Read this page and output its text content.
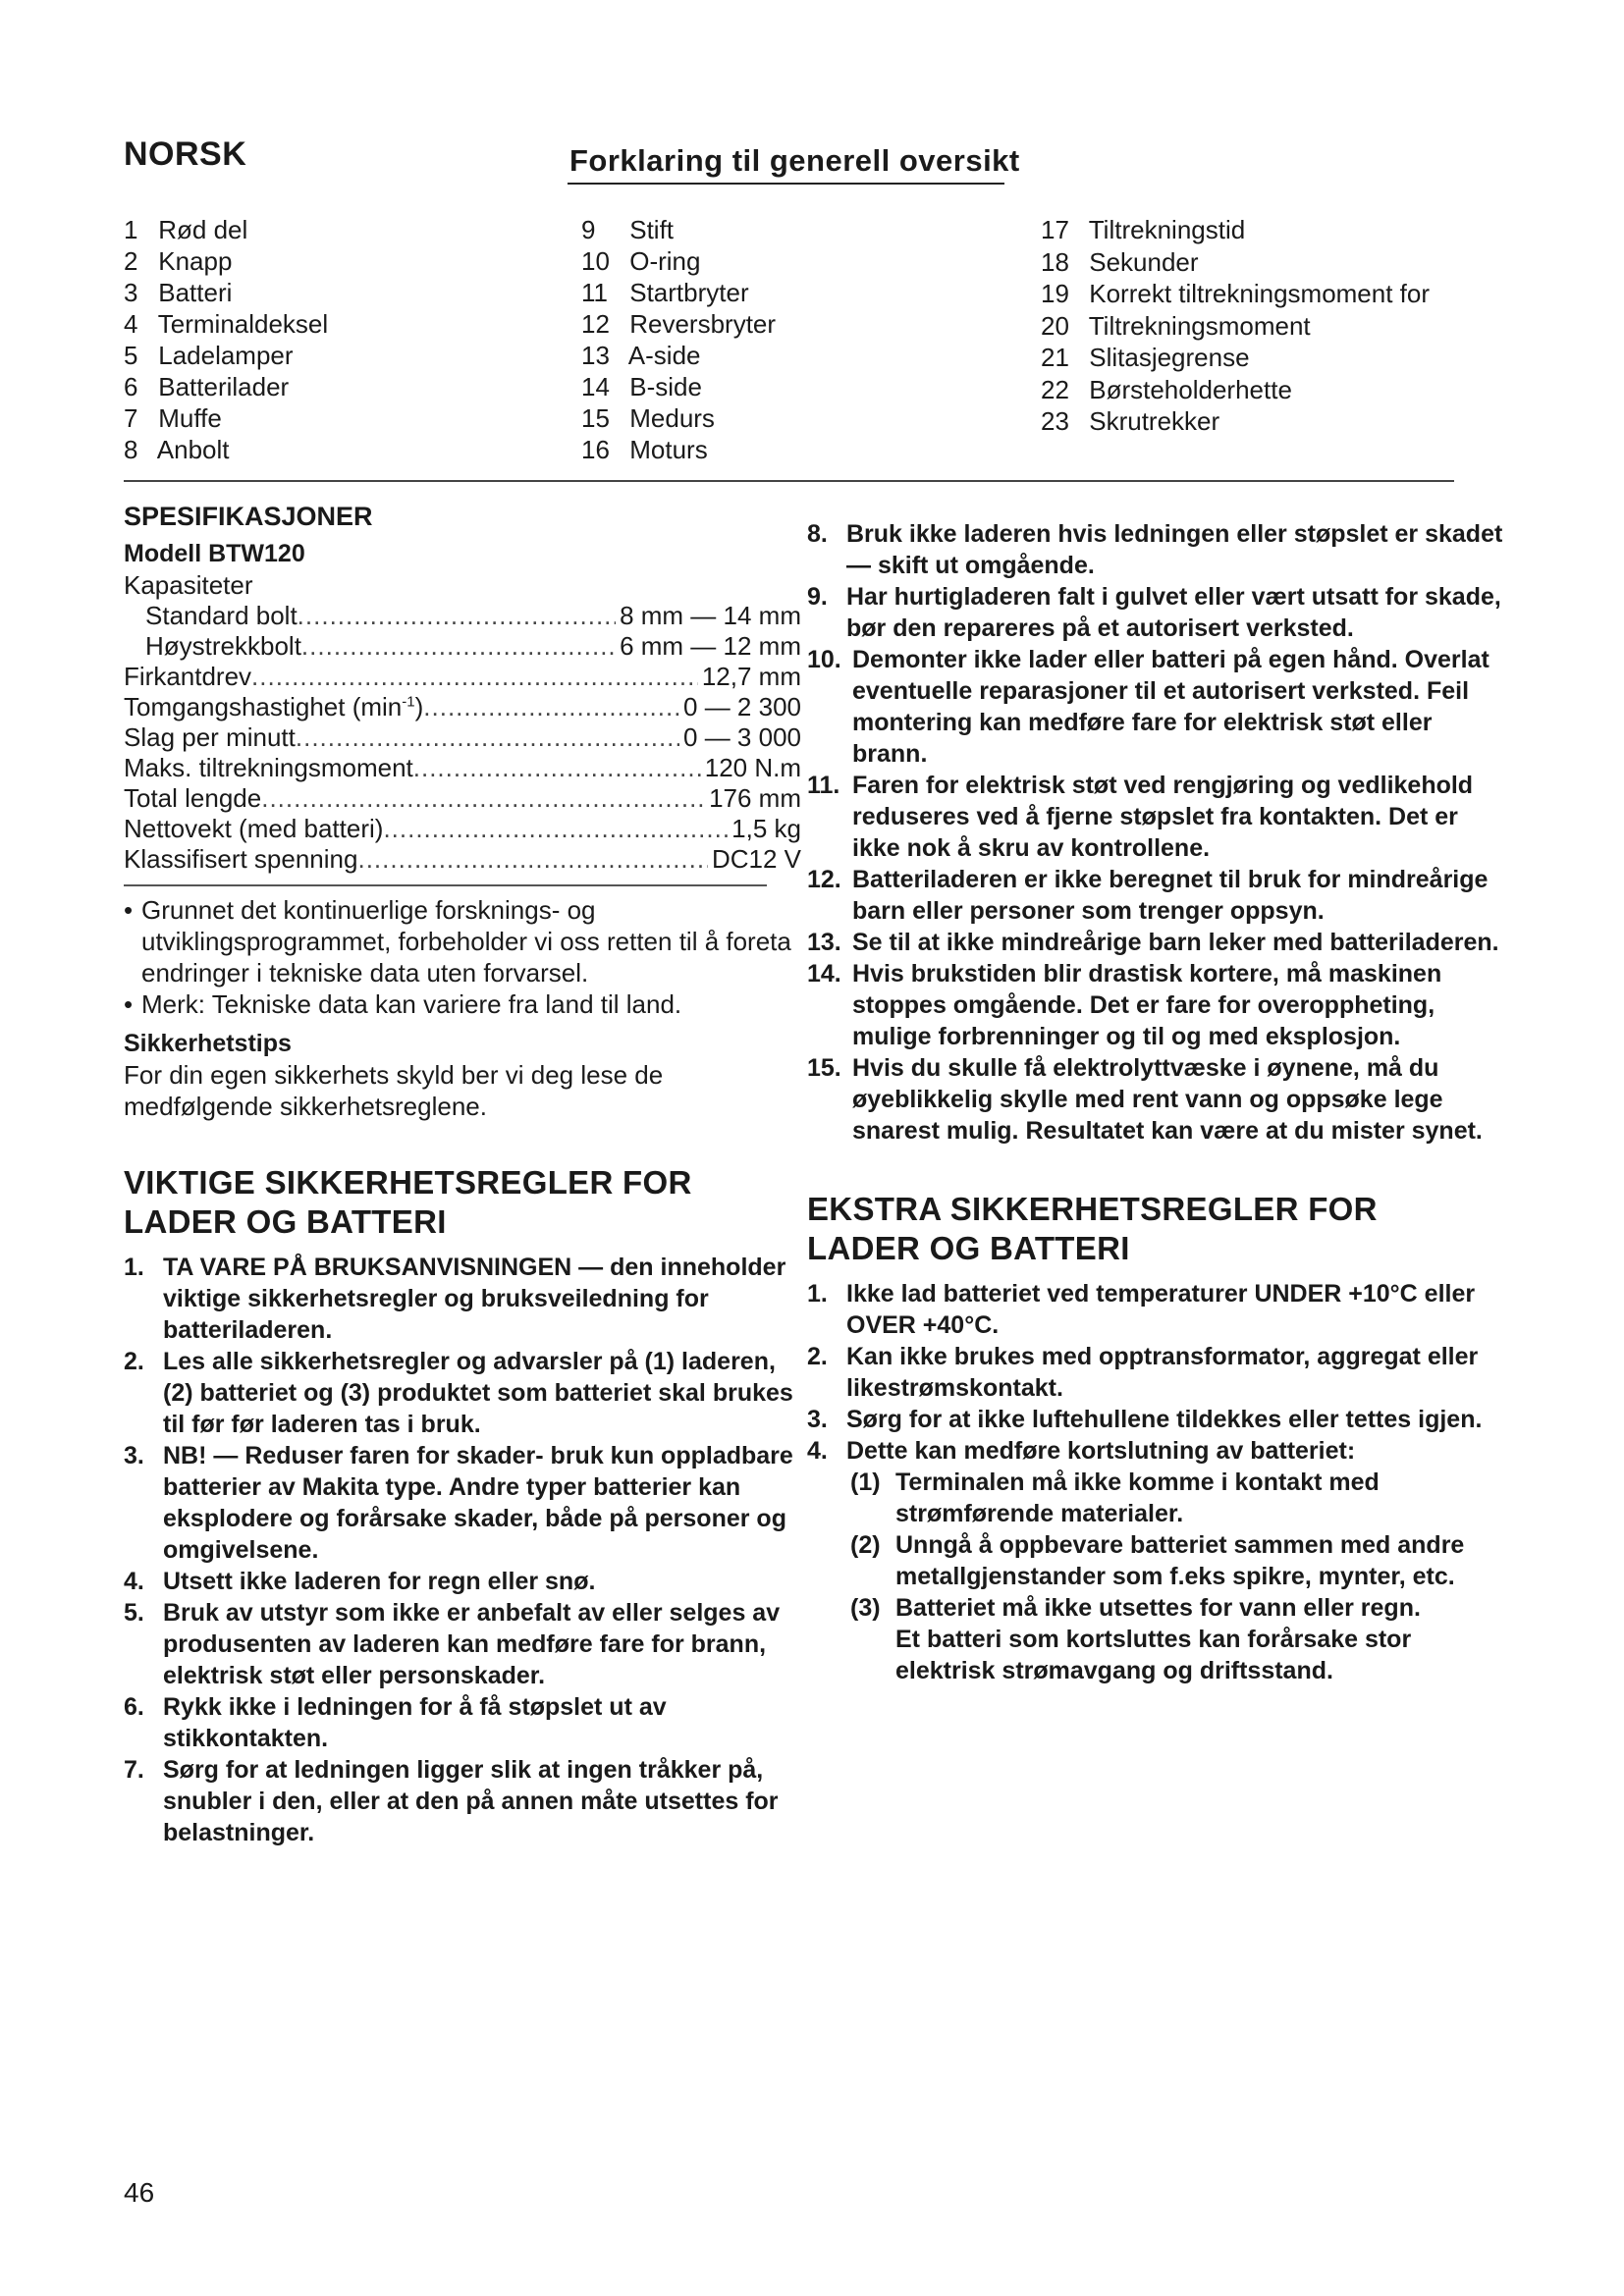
NORSK	Forklaring til generell oversikt
1 Rød del
2 Knapp
3 Batteri
4 Terminaldeksel
5 Ladelamper
6 Batterilader
7 Muffe
8 Anbolt
9 Stift
10 O-ring
11 Startbryter
12 Reversbryter
13 A-side
14 B-side
15 Medurs
16 Moturs
17 Tiltrekningstid
18 Sekunder
19 Korrekt tiltrekningsmoment for
20 Tiltrekningsmoment
21 Slitasjegrense
22 Børsteholderhette
23 Skrutrekker
SPESIFIKASJONER
Modell BTW120
Kapasiteter
Standard bolt .....	8 mm — 14 mm
Høystrekkbolt .....	6 mm — 12 mm
Firkantdrev .....	12,7 mm
Tomgangshastighet $(\min^{-1})$ .....	0 — 2 300
Slag per minutt .....	0 — 3 000
Maks. tiltrekningsmoment .....	120 N.m
Total lengde .....	176 mm
Nettovekt (med batteri) .....	1,5 kg
Klassifisert spenning .....	DC12 V
• Grunnet det kontinuerlige forsknings- og utviklingsprogrammet, forbeholder vi oss retten til å foreta endringer i tekniske data uten forvarsel.
• Merk: Tekniske data kan variere fra land til land.
Sikkerhetstips
For din egen sikkerhets skyld ber vi deg lese de medfølgende sikkerhetsreglene.
VIKTIGE SIKKERHETSREGLER FOR
LADER OG BATTERI
1. TA VARE PÅ BRUKSANVISNINGEN — den inneholder viktige sikkerhetsregler og bruksveiledning for batteriladeren.
2. Les alle sikkerhetsregler og advarsler på (1) laderen, (2) batteriet og (3) produktet som batteriet skal brukes til før før laderen tas i bruk.
3. NB! — Reduser faren for skader- bruk kun oppladbare batterier av Makita type. Andre typer batterier kan eksplodere og forårsake skader, både på personer og omgivelsene.
4. Utsett ikke laderen for regn eller snø.
5. Bruk av utstyr som ikke er anbefalt av eller selges av produsenten av laderen kan medføre fare for brann, elektrisk støt eller personskader.
6. Rykk ikke i ledningen for å få støpslet ut av stikkontakten.
7. Sørg for at ledningen ligger slik at ingen tråkker på, snubler i den, eller at den på annen måte utsettes for belastninger.
8. Bruk ikke laderen hvis ledningen eller støpslet er skadet — skift ut omgående.
9. Har hurtigladeren falt i gulvet eller vært utsatt for skade, bør den repareres på et autorisert verksted.
10. Demonter ikke lader eller batteri på egen hånd. Overlat eventuelle reparasjoner til et autorisert verksted. Feil montering kan medføre fare for elektrisk støt eller brann.
11. Faren for elektrisk støt ved rengjøring og vedlikehold reduseres ved å fjerne støpslet fra kontakten. Det er ikke nok å skru av kontrollene.
12. Batteriladeren er ikke beregnet til bruk for mindreårige barn eller personer som trenger oppsyn.
13. Se til at ikke mindreårige barn leker med batteriladeren.
14. Hvis brukstiden blir drastisk kortere, må maskinen stoppes omgående. Det er fare for overoppheting, mulige forbrenninger og til og med eksplosjon.
15. Hvis du skulle få elektrolyttvæske i øynene, må du øyeblikkelig skylle med rent vann og oppsøke lege snarest mulig. Resultatet kan være at du mister synet.
EKSTRA SIKKERHETSREGLER FOR
LADER OG BATTERI
1. Ikke lad batteriet ved temperaturer UNDER +10°C eller OVER +40°C.
2. Kan ikke brukes med opptransformator, aggregat eller likestrømskontakt.
3. Sørg for at ikke luftehullene tildekkes eller tettes igjen.
4. Dette kan medføre kortslutning av batteriet:
(1) Terminalen må ikke komme i kontakt med strømførende materialer.
(2) Unngå å oppbevare batteriet sammen med andre metallgjenstander som f.eks spikre, mynter, etc.
(3) Batteriet må ikke utsettes for vann eller regn.
Et batteri som kortsluttes kan forårsake stor elektrisk strømavgang og driftsstand.
46
